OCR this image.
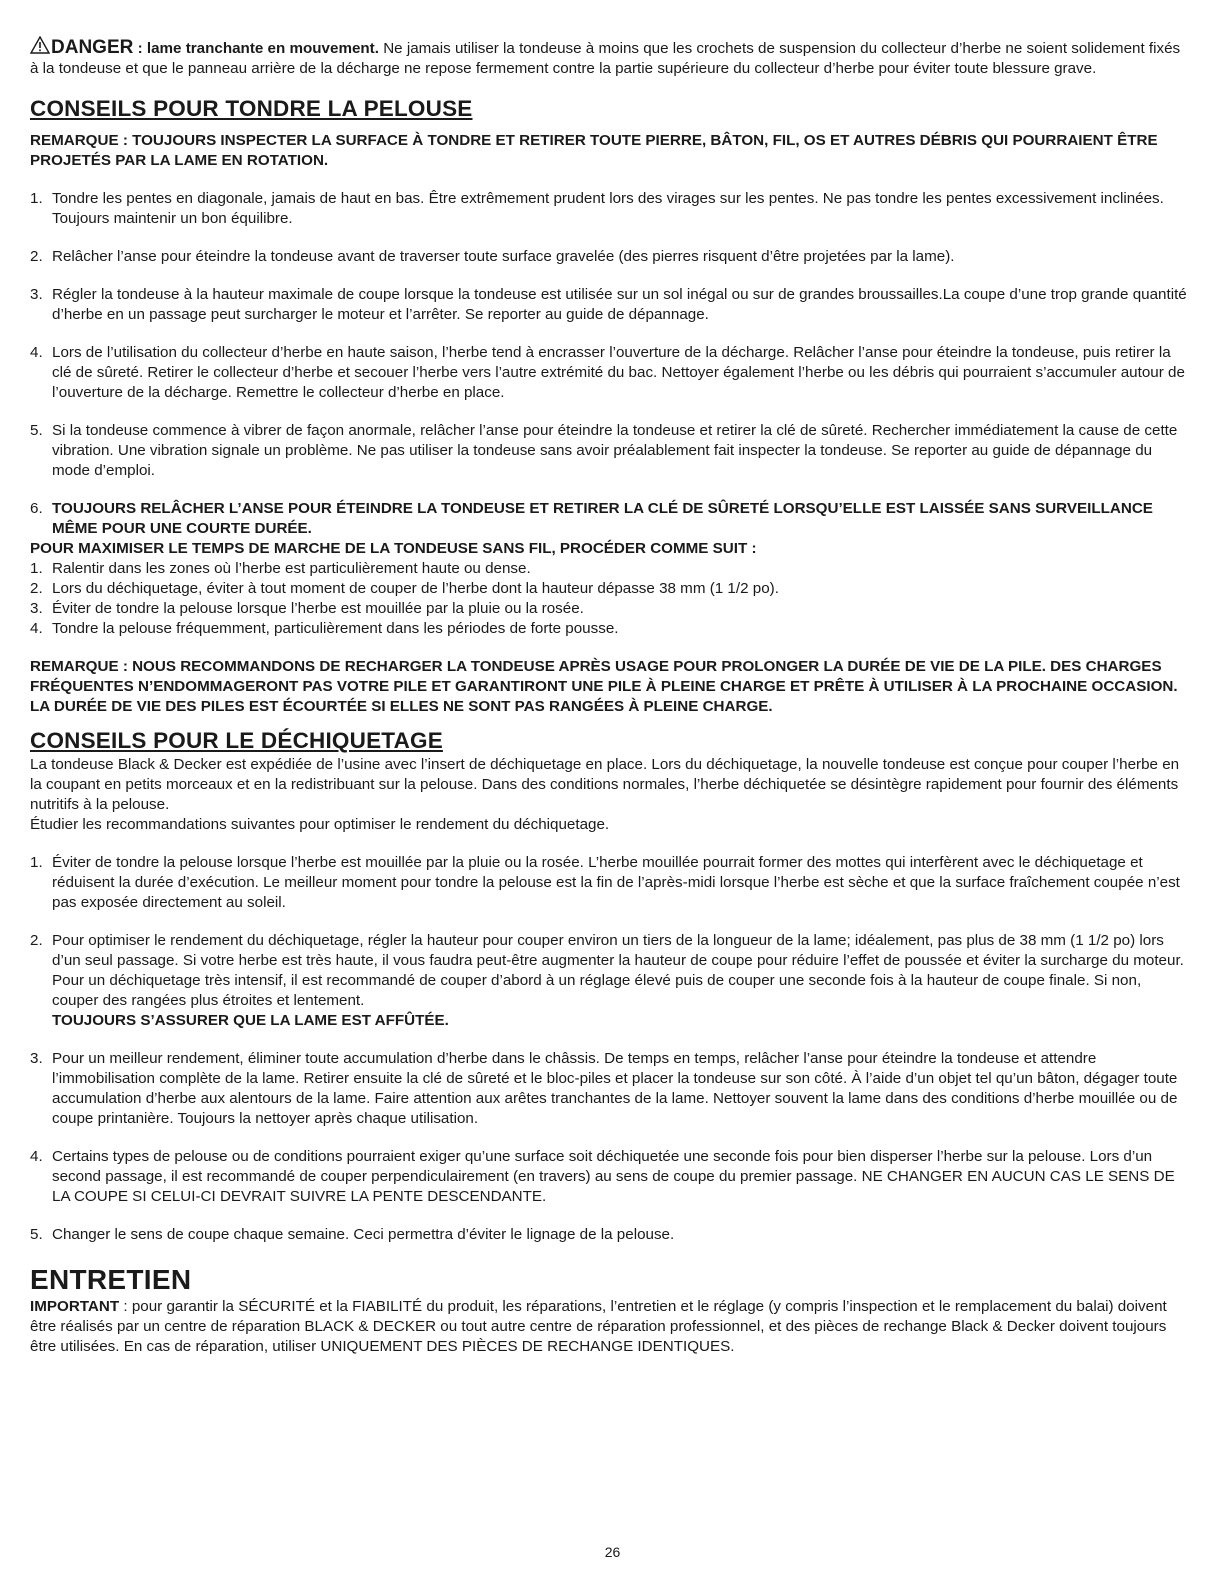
DANGER : lame tranchante en mouvement. Ne jamais utiliser la tondeuse à moins que les crochets de suspension du collecteur d’herbe ne soient solidement fixés à la tondeuse et que le panneau arrière de la décharge ne repose fermement contre la partie supérieure du collecteur d’herbe pour éviter toute blessure grave.

CONSEILS POUR TONDRE LA PELOUSE

REMARQUE : TOUJOURS INSPECTER LA SURFACE À TONDRE ET RETIRER TOUTE PIERRE, BÂTON, FIL, OS ET AUTRES DÉBRIS QUI POURRAIENT ÊTRE PROJETÉS PAR LA LAME EN ROTATION.

1. Tondre les pentes en diagonale, jamais de haut en bas. Être extrêmement prudent lors des virages sur les pentes. Ne pas tondre les pentes excessivement inclinées. Toujours maintenir un bon équilibre.
2. Relâcher l’anse pour éteindre la tondeuse avant de traverser toute surface gravelée (des pierres risquent d’être projetées par la lame).
3. Régler la tondeuse à la hauteur maximale de coupe lorsque la tondeuse est utilisée sur un sol inégal ou sur de grandes broussailles.La coupe d’une trop grande quantité d’herbe en un passage peut surcharger le moteur et l’arrêter. Se reporter au guide de dépannage.
4. Lors de l’utilisation du collecteur d’herbe en haute saison, l’herbe tend à encrasser l’ouverture de la décharge. Relâcher l’anse pour éteindre la tondeuse, puis retirer la clé de sûreté. Retirer le collecteur d’herbe et secouer l’herbe vers l’autre extrémité du bac. Nettoyer également l’herbe ou les débris qui pourraient s’accumuler autour de l’ouverture de la décharge. Remettre le collecteur d’herbe en place.
5. Si la tondeuse commence à vibrer de façon anormale, relâcher l’anse pour éteindre la tondeuse et retirer la clé de sûreté. Rechercher immédiatement la cause de cette vibration. Une vibration signale un problème. Ne pas utiliser la tondeuse sans avoir préalablement fait inspecter la tondeuse. Se reporter au guide de dépannage du mode d’emploi.
6. TOUJOURS RELÂCHER L’ANSE POUR ÉTEINDRE LA TONDEUSE ET RETIRER LA CLÉ DE SÛRETÉ LORSQU’ELLE EST LAISSÉE SANS SURVEILLANCE MÊME POUR UNE COURTE DURÉE.

POUR MAXIMISER LE TEMPS DE MARCHE DE LA TONDEUSE SANS FIL, PROCÉDER COMME SUIT :

1. Ralentir dans les zones où l’herbe est particulièrement haute ou dense.
2. Lors du déchiquetage, éviter à tout moment de couper de l’herbe dont la hauteur dépasse 38 mm (1 1/2 po).
3. Éviter de tondre la pelouse lorsque l’herbe est mouillée par la pluie ou la rosée.
4. Tondre la pelouse fréquemment, particulièrement dans les périodes de forte pousse.

REMARQUE : NOUS RECOMMANDONS DE RECHARGER LA TONDEUSE APRÈS USAGE POUR PROLONGER LA DURÉE DE VIE DE LA PILE. DES CHARGES FRÉQUENTES N’ENDOMMAGERONT PAS VOTRE PILE ET GARANTIRONT UNE PILE À PLEINE CHARGE ET PRÊTE À UTILISER À LA PROCHAINE OCCASION. LA DURÉE DE VIE DES PILES EST ÉCOURTÉE SI ELLES NE SONT PAS RANGÉES À PLEINE CHARGE.

CONSEILS POUR LE DÉCHIQUETAGE

La tondeuse Black & Decker est expédiée de l’usine avec l’insert de déchiquetage en place. Lors du déchiquetage, la nouvelle tondeuse est conçue pour couper l’herbe en la coupant en petits morceaux et en la redistribuant sur la pelouse. Dans des conditions normales, l’herbe déchiquetée se désintègre rapidement pour fournir des éléments nutritifs à la pelouse.

Étudier les recommandations suivantes pour optimiser le rendement du déchiquetage.

1. Éviter de tondre la pelouse lorsque l’herbe est mouillée par la pluie ou la rosée. L’herbe mouillée pourrait former des mottes qui interfèrent avec le déchiquetage et réduisent la durée d’exécution. Le meilleur moment pour tondre la pelouse est la fin de l’après-midi lorsque l’herbe est sèche et que la surface fraîchement coupée n’est pas exposée directement au soleil.
2. Pour optimiser le rendement du déchiquetage, régler la hauteur pour couper environ un tiers de la longueur de la lame; idéalement, pas plus de 38 mm (1 1/2 po) lors d’un seul passage. Si votre herbe est très haute, il vous faudra peut-être augmenter la hauteur de coupe pour réduire l’effet de poussée et éviter la surcharge du moteur. Pour un déchiquetage très intensif, il est recommandé de couper d’abord à un réglage élevé puis de couper une seconde fois à la hauteur de coupe finale. Si non, couper des rangées plus étroites et lentement.
TOUJOURS S’ASSURER QUE LA LAME EST AFFÛTÉE.
3. Pour un meilleur rendement, éliminer toute accumulation d’herbe dans le châssis. De temps en temps, relâcher l’anse pour éteindre la tondeuse et attendre l’immobilisation complète de la lame. Retirer ensuite la clé de sûreté et le bloc-piles et placer la tondeuse sur son côté. À l’aide d’un objet tel qu’un bâton, dégager toute accumulation d’herbe aux alentours de la lame. Faire attention aux arêtes tranchantes de la lame. Nettoyer souvent la lame dans des conditions d’herbe mouillée ou de coupe printanière. Toujours la nettoyer après chaque utilisation.
4. Certains types de pelouse ou de conditions pourraient exiger qu’une surface soit déchiquetée une seconde fois pour bien disperser l’herbe sur la pelouse. Lors d’un second passage, il est recommandé de couper perpendiculairement (en travers) au sens de coupe du premier passage. NE CHANGER EN AUCUN CAS LE SENS DE LA COUPE SI CELUI-CI DEVRAIT SUIVRE LA PENTE DESCENDANTE.
5. Changer le sens de coupe chaque semaine. Ceci permettra d’éviter le lignage de la pelouse.
ENTRETIEN

IMPORTANT : pour garantir la SÉCURITÉ et la FIABILITÉ du produit, les réparations, l’entretien et le réglage (y compris l’inspection et le remplacement du balai) doivent être réalisés par un centre de réparation BLACK & DECKER ou tout autre centre de réparation professionnel, et des pièces de rechange Black & Decker doivent toujours être utilisées. En cas de réparation, utiliser UNIQUEMENT DES PIÈCES DE RECHANGE IDENTIQUES.

26
